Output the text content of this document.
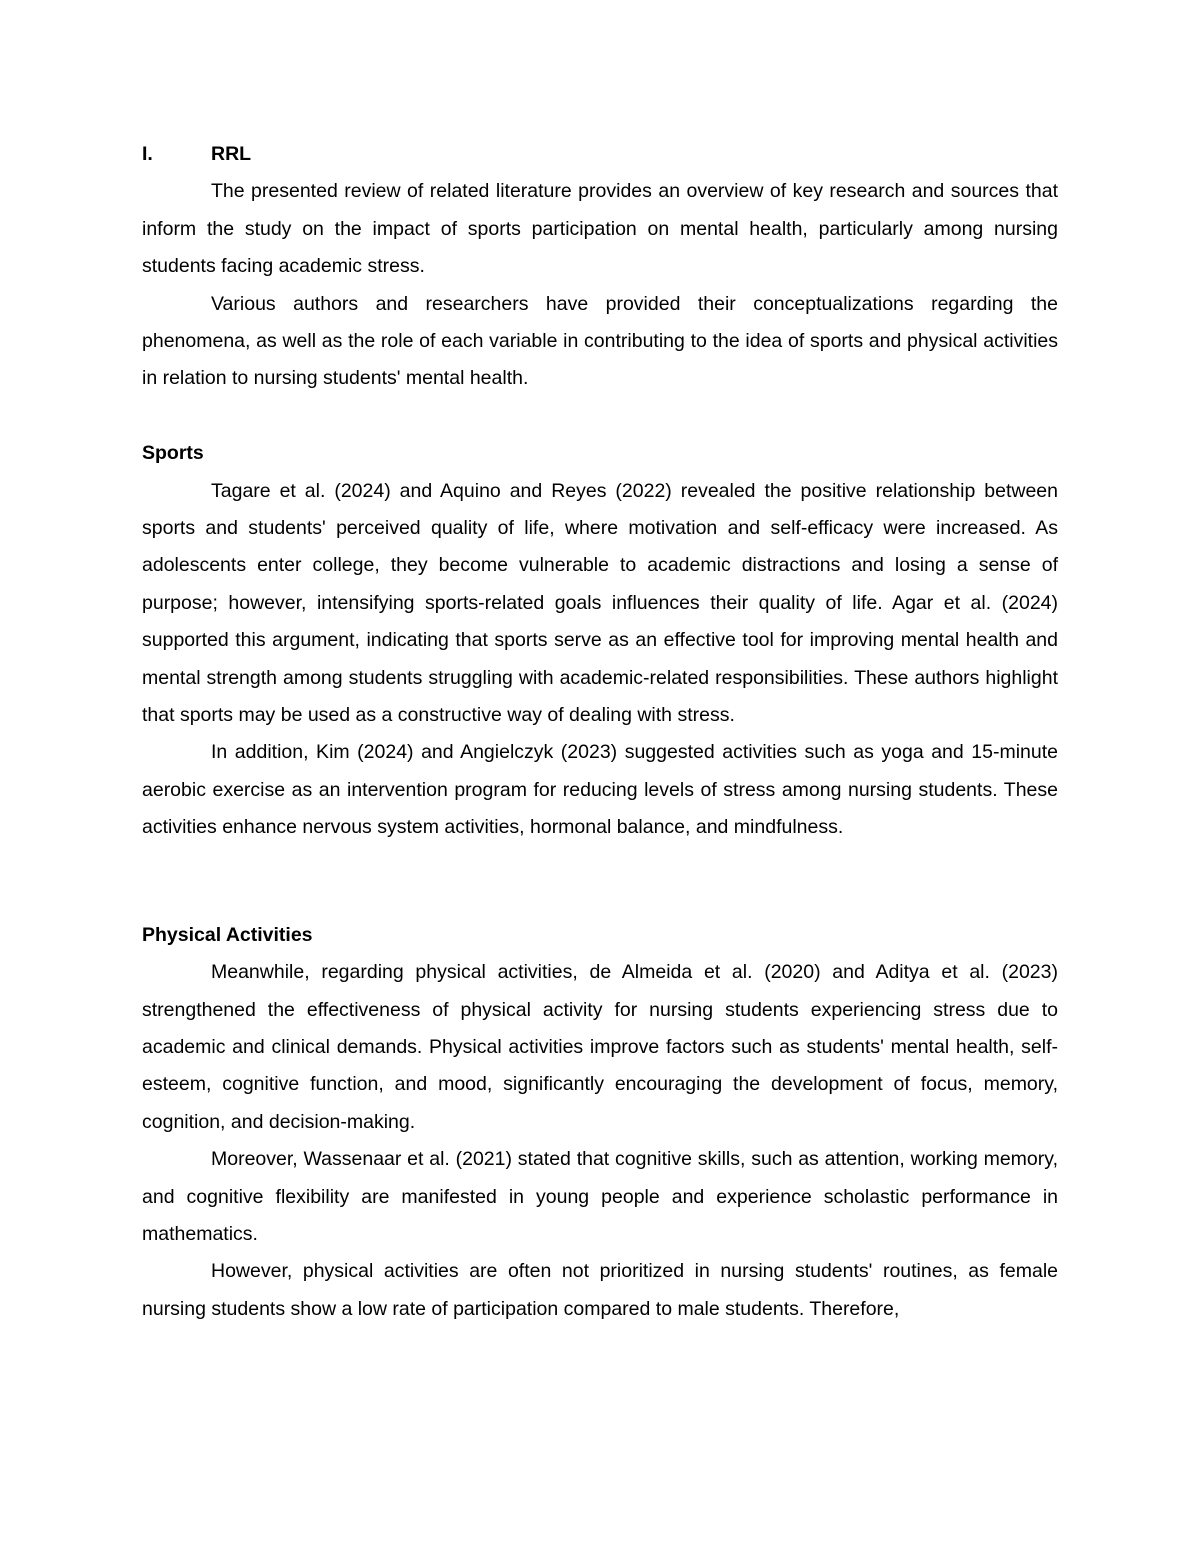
I.	RRL

The presented review of related literature provides an overview of key research and sources that inform the study on the impact of sports participation on mental health, particularly among nursing students facing academic stress.

Various authors and researchers have provided their conceptualizations regarding the phenomena, as well as the role of each variable in contributing to the idea of sports and physical activities in relation to nursing students' mental health.

Sports

Tagare et al. (2024) and Aquino and Reyes (2022) revealed the positive relationship between sports and students' perceived quality of life, where motivation and self-efficacy were increased. As adolescents enter college, they become vulnerable to academic distractions and losing a sense of purpose; however, intensifying sports-related goals influences their quality of life. Agar et al. (2024) supported this argument, indicating that sports serve as an effective tool for improving mental health and mental strength among students struggling with academic-related responsibilities. These authors highlight that sports may be used as a constructive way of dealing with stress.

In addition, Kim (2024) and Angielczyk (2023) suggested activities such as yoga and 15-minute aerobic exercise as an intervention program for reducing levels of stress among nursing students. These activities enhance nervous system activities, hormonal balance, and mindfulness.

Physical Activities

Meanwhile, regarding physical activities, de Almeida et al. (2020) and Aditya et al. (2023) strengthened the effectiveness of physical activity for nursing students experiencing stress due to academic and clinical demands. Physical activities improve factors such as students' mental health, self-esteem, cognitive function, and mood, significantly encouraging the development of focus, memory, cognition, and decision-making.

Moreover, Wassenaar et al. (2021) stated that cognitive skills, such as attention, working memory, and cognitive flexibility are manifested in young people and experience scholastic performance in mathematics.

However, physical activities are often not prioritized in nursing students' routines, as female nursing students show a low rate of participation compared to male students. Therefore,
